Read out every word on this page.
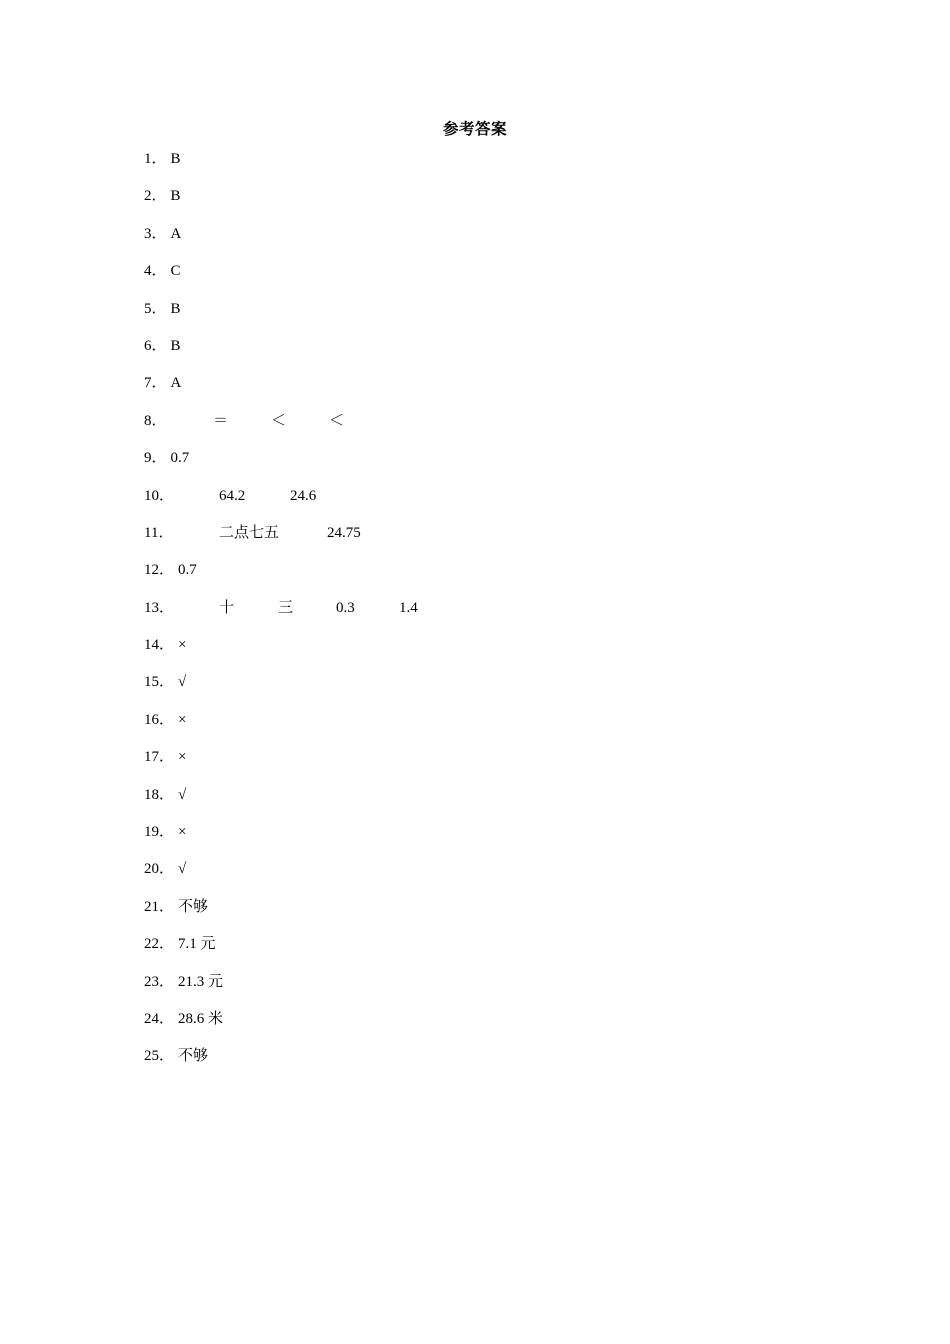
参考答案
1． B
2． B
3． A
4． C
5． B
6． B
7． A
8．	＝	＜	＜
9． 0.7
10．	64.2	24.6
11．	二点七五	24.75
12． 0.7
13．	十	三	0.3	1.4
14． ×
15． √
16． ×
17． ×
18． √
19． ×
20． √
21． 不够
22． 7.1 元
23． 21.3 元
24． 28.6 米
25． 不够
